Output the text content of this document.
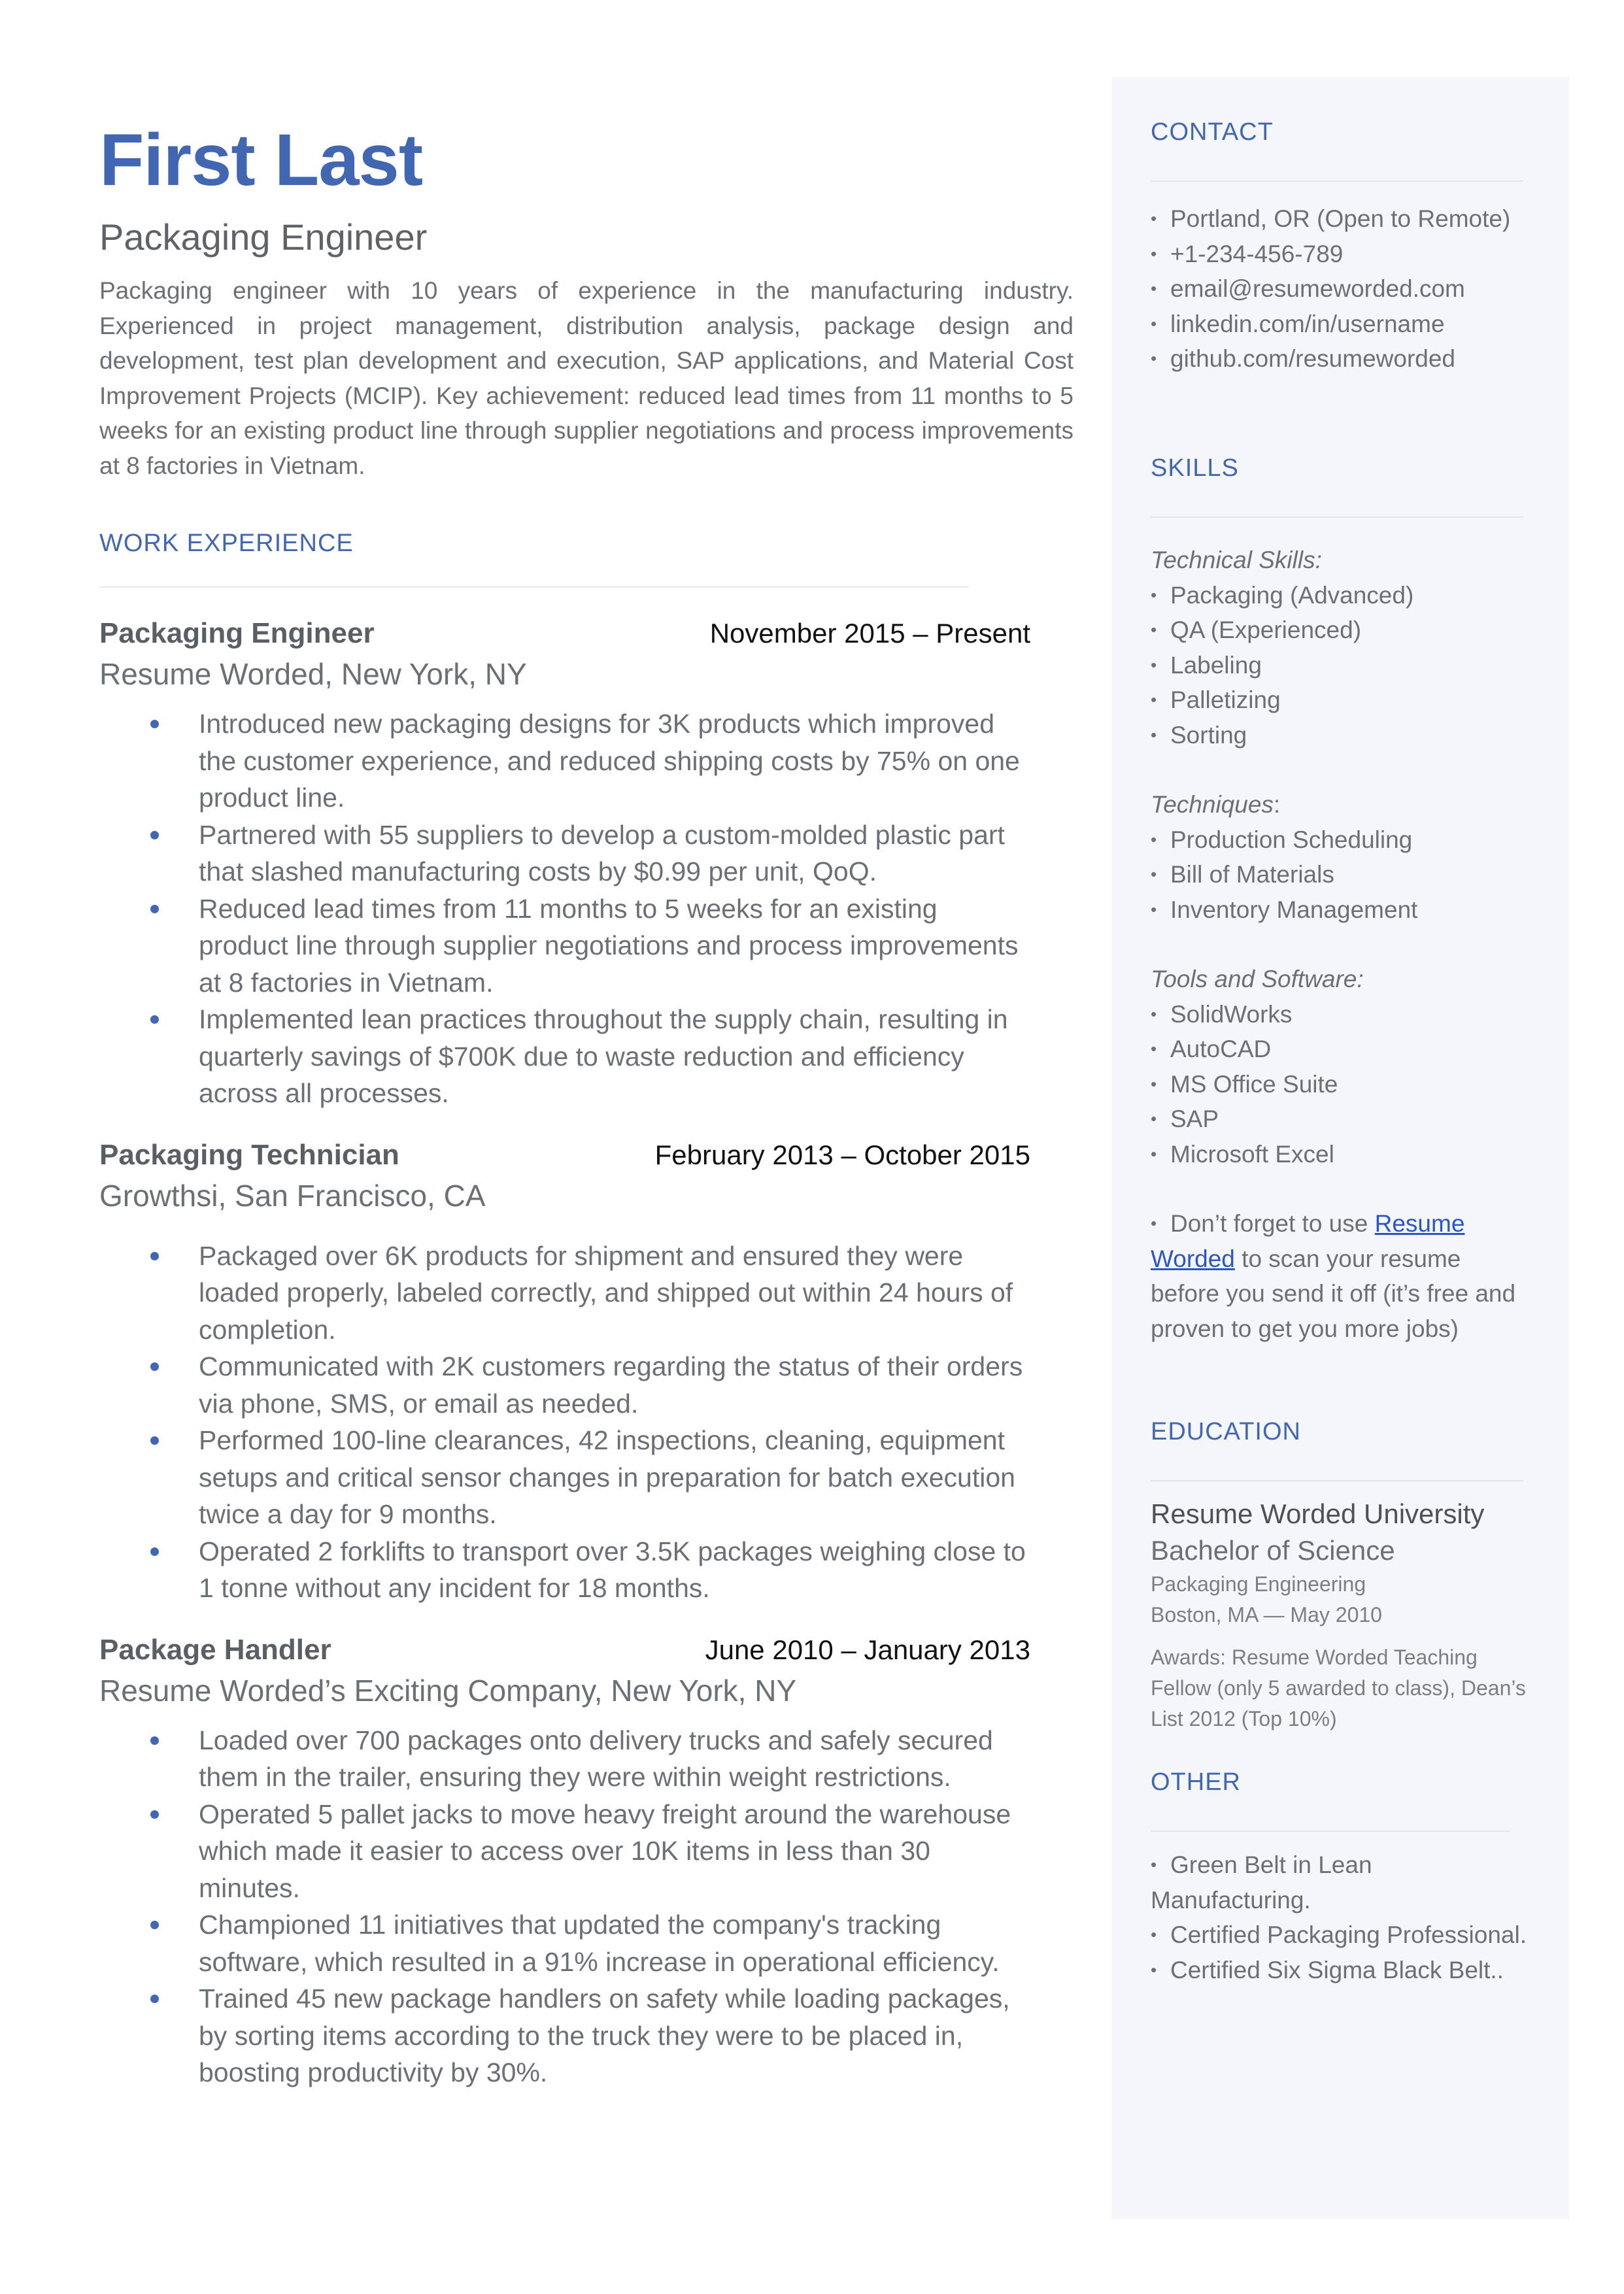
First Last
Packaging Engineer
Packaging engineer with 10 years of experience in the manufacturing industry. Experienced in project management, distribution analysis, package design and development, test plan development and execution, SAP applications, and Material Cost Improvement Projects (MCIP). Key achievement: reduced lead times from 11 months to 5 weeks for an existing product line through supplier negotiations and process improvements at 8 factories in Vietnam.
WORK EXPERIENCE
Packaging Engineer	November 2015 – Present
Resume Worded, New York, NY
Introduced new packaging designs for 3K products which improved the customer experience, and reduced shipping costs by 75% on one product line.
Partnered with 55 suppliers to develop a custom-molded plastic part that slashed manufacturing costs by $0.99 per unit, QoQ.
Reduced lead times from 11 months to 5 weeks for an existing product line through supplier negotiations and process improvements at 8 factories in Vietnam.
Implemented lean practices throughout the supply chain, resulting in quarterly savings of $700K due to waste reduction and efficiency across all processes.
Packaging Technician	February 2013 – October 2015
Growthsi, San Francisco, CA
Packaged over 6K products for shipment and ensured they were loaded properly, labeled correctly, and shipped out within 24 hours of completion.
Communicated with 2K customers regarding the status of their orders via phone, SMS, or email as needed.
Performed 100-line clearances, 42 inspections, cleaning, equipment setups and critical sensor changes in preparation for batch execution twice a day for 9 months.
Operated 2 forklifts to transport over 3.5K packages weighing close to 1 tonne without any incident for 18 months.
Package Handler	June 2010 – January 2013
Resume Worded’s Exciting Company, New York, NY
Loaded over 700 packages onto delivery trucks and safely secured them in the trailer, ensuring they were within weight restrictions.
Operated 5 pallet jacks to move heavy freight around the warehouse which made it easier to access over 10K items in less than 30 minutes.
Championed 11 initiatives that updated the company's tracking software, which resulted in a 91% increase in operational efficiency.
Trained 45 new package handlers on safety while loading packages, by sorting items according to the truck they were to be placed in, boosting productivity by 30%.
CONTACT
• Portland, OR (Open to Remote)
• +1-234-456-789
• email@resumeworded.com
• linkedin.com/in/username
• github.com/resumeworded
SKILLS
Technical Skills:
• Packaging (Advanced)
• QA (Experienced)
• Labeling
• Palletizing
• Sorting
Techniques:
• Production Scheduling
• Bill of Materials
• Inventory Management
Tools and Software:
• SolidWorks
• AutoCAD
• MS Office Suite
• SAP
• Microsoft Excel
• Don’t forget to use Resume
Worded to scan your resume
before you send it off (it’s free and
proven to get you more jobs)
EDUCATION
Resume Worded University
Bachelor of Science
Packaging Engineering
Boston, MA — May 2010
Awards: Resume Worded Teaching
Fellow (only 5 awarded to class), Dean’s
List 2012 (Top 10%)
OTHER
• Green Belt in Lean
Manufacturing.
• Certified Packaging Professional.
• Certified Six Sigma Black Belt..
